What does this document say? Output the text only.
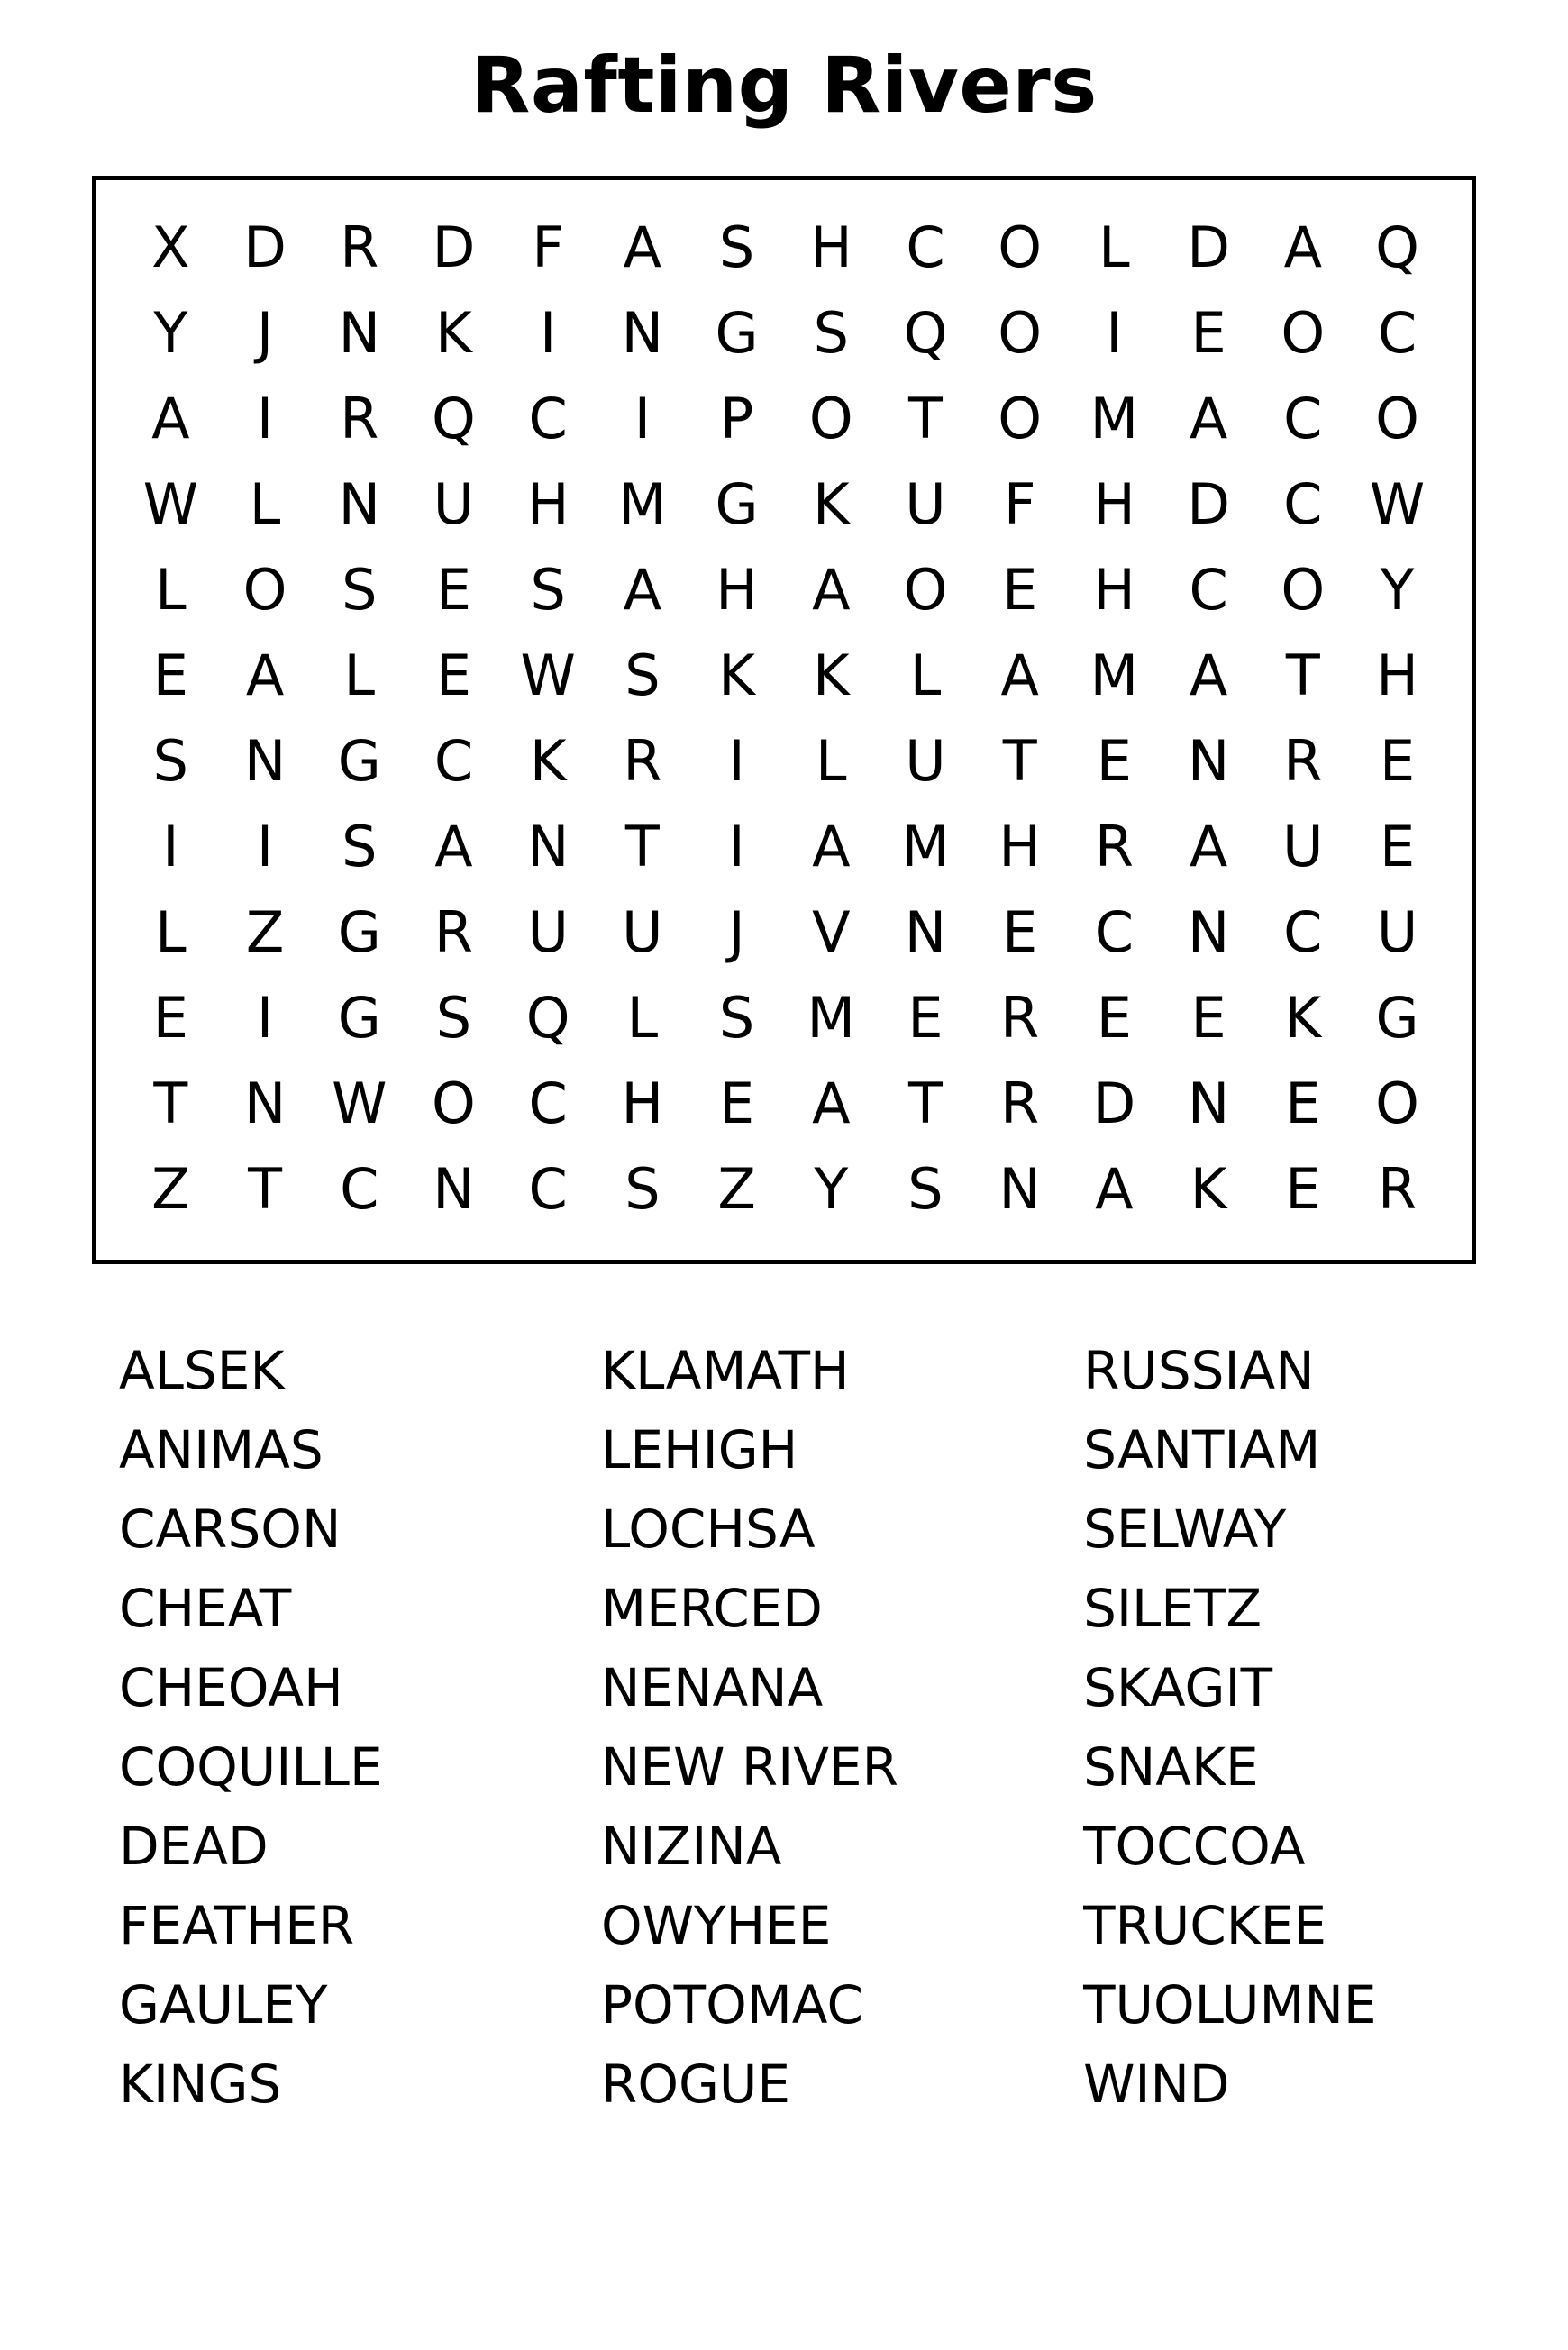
Rafting Rivers
X	D	R	D	F	A	S	H	C	O	L	D	A	Q
Y	J	N	K	I	N	G	S	Q	O	I	E	O	C
A	I	R	Q	C	I	P	O	T	O	M	A	C	O
W	L	N	U	H	M	G	K	U	F	H	D	C	W
L	O	S	E	S	A	H	A	O	E	H	C	O	Y
E	A	L	E	W	S	K	K	L	A	M	A	T	H
S	N	G	C	K	R	I	L	U	T	E	N	R	E
I	I	S	A	N	T	I	A	M	H	R	A	U	E
L	Z	G	R	U	U	J	V	N	E	C	N	C	U
E	I	G	S	Q	L	S	M	E	R	E	E	K	G
T	N	W	O	C	H	E	A	T	R	D	N	E	O
Z	T	C	N	C	S	Z	Y	S	N	A	K	E	R
ALSEK
ANIMAS
CARSON
CHEAT
CHEOAH
COQUILLE
DEAD
FEATHER
GAULEY
KINGS
KLAMATH
LEHIGH
LOCHSA
MERCED
NENANA
NEW RIVER
NIZINA
OWYHEE
POTOMAC
ROGUE
RUSSIAN
SANTIAM
SELWAY
SILETZ
SKAGIT
SNAKE
TOCCOA
TRUCKEE
TUOLUMNE
WIND
